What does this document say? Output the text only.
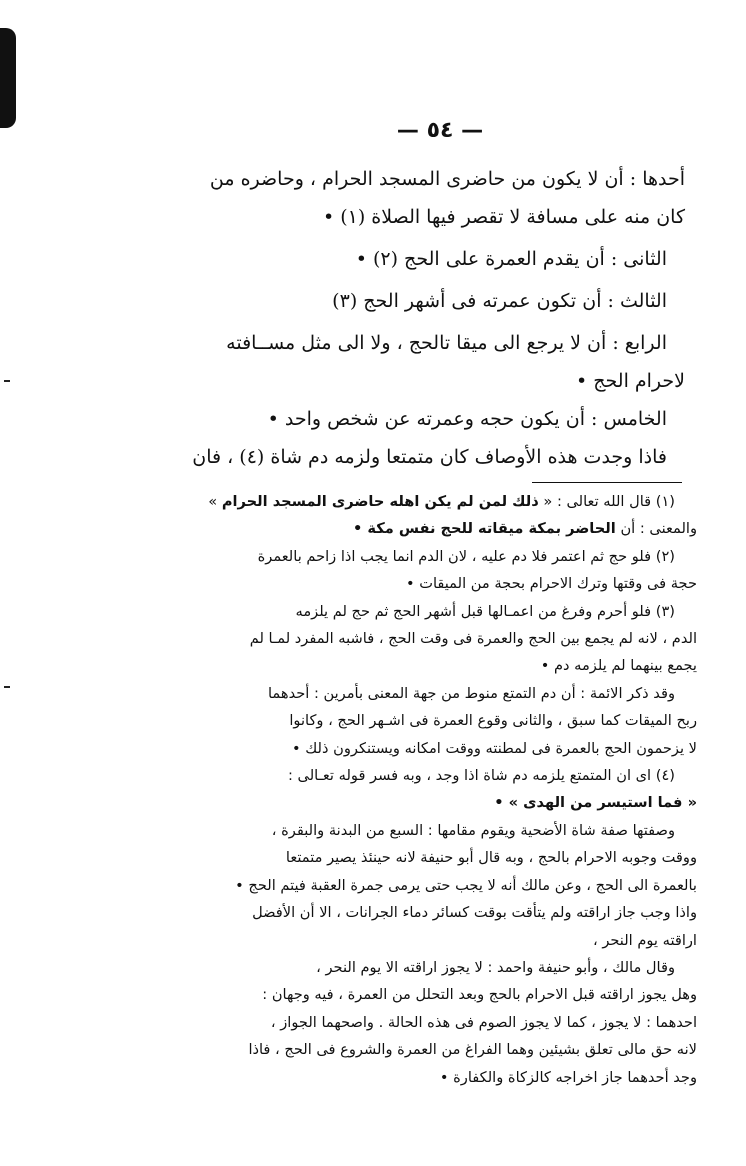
— ٥٤ —

أحدها : أن لا يكون من حاضرى المسجد الحرام ، وحاضره من

كان منه على مسافة لا تقصر فيها الصلاة (١) •

الثانى : أن يقدم العمرة على الحج (٢) •

الثالث : أن تكون عمرته فى أشهر الحج (٣)

الرابع : أن لا يرجع الى ميقا تالحج ، ولا الى مثل مســافته

لاحرام الحج •

الخامس : أن يكون حجه وعمرته عن شخص واحد •

فاذا وجدت هذه الأوصاف كان متمتعا ولزمه دم شاة (٤) ، فان

(١) قال الله تعالى : « ذلك لمن لم يكن اهله حاضرى المسجد الحرام »

والمعنى : أن الحاضر بمكة ميقاته للحج نفس مكة •

(٢) فلو حج ثم اعتمر فلا دم عليه ، لان الدم انما يجب اذا زاحم بالعمرة

حجة فى وقتها وترك الاحرام بحجة من الميقات •

(٣) فلو أحرم وفرغ من اعمـالها قبل أشهر الحج ثم حج لم يلزمه

الدم ، لانه لم يجمع بين الحج والعمرة فى وقت الحج ، فاشبه المفرد لمـا لم

يجمع بينهما لم يلزمه دم •

وقد ذكر الائمة : أن دم التمتع منوط من جهة المعنى بأمرين : أحدهما

ربح الميقات كما سبق ، والثانى وقوع العمرة فى اشـهر الحج ، وكانوا

لا يزحمون الحج بالعمرة فى لمطنته ووقت امكانه ويستنكرون ذلك •

(٤) اى ان المتمتع يلزمه دم شاة اذا وجد ، وبه فسر قوله تعـالى :

« فما استيسر من الهدى » •

وصفتها صفة شاة الأضحية ويقوم مقامها : السبع من البدنة والبقرة ،

ووقت وجوبه الاحرام بالحج ، وبه قال أبو حنيفة لانه حينئذ يصير متمتعا

بالعمرة الى الحج ، وعن مالك أنه لا يجب حتى يرمى جمرة العقبة فيتم الحج •

واذا وجب جاز اراقته ولم يتأقت بوقت كسائر دماء الجرانات ، الا أن الأفضل

اراقته يوم النحر ،

وقال مالك ، وأبو حنيفة واحمد : لا يجوز اراقته الا يوم النحر ،

وهل يجوز اراقته قبل الاحرام بالحج وبعد التحلل من العمرة ، فيه وجهان :

احدهما : لا يجوز ، كما لا يجوز الصوم فى هذه الحالة . واصحهما الجواز ،

لانه حق مالى تعلق بشيئين وهما الفراغ من العمرة والشروع فى الحج ، فاذا

وجد أحدهما جاز اخراجه كالزكاة والكفارة •
